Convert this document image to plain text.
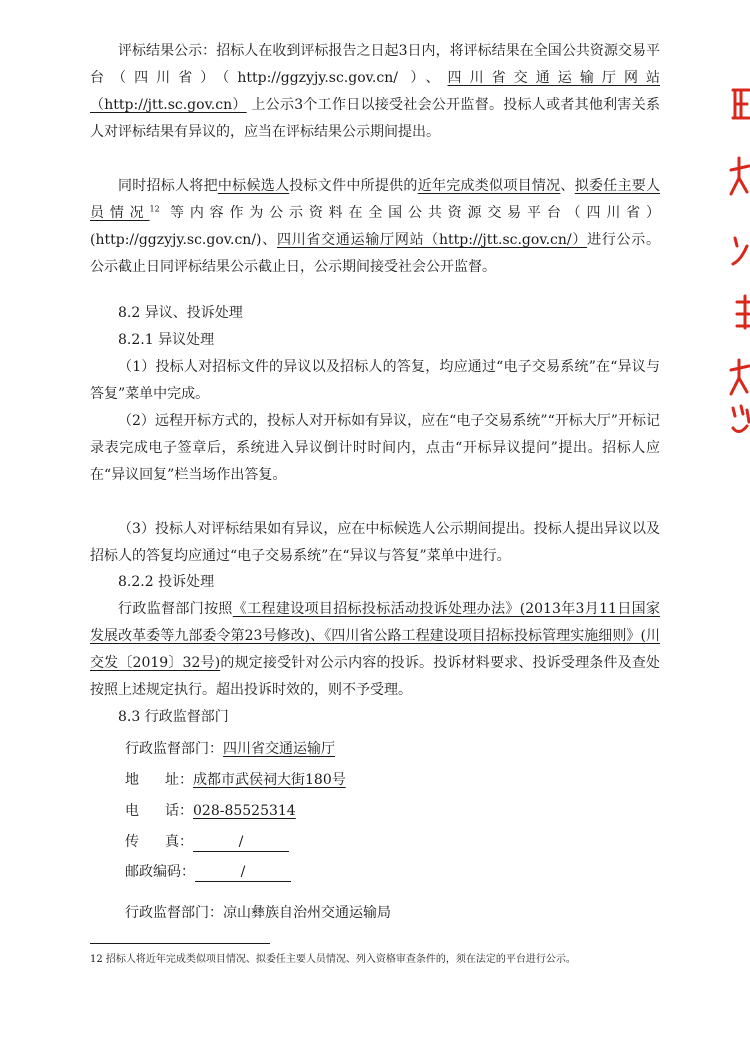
评标结果公示：招标人在收到评标报告之日起3日内，将评标结果在全国公共资源交易平台（四川省）（http://ggzyjy.sc.gov.cn/ ）、四川省交通运输厅网站（http://jtt.sc.gov.cn） 上公示3个工作日以接受社会公开监督。投标人或者其他利害关系人对评标结果有异议的，应当在评标结果公示期间提出。

同时招标人将把中标候选人投标文件中所提供的近年完成类似项目情况、拟委任主要人员情况$^{12}$ 等内容作为公示资料在全国公共资源交易平台（四川省）(http://ggzyjy.sc.gov.cn/)、四川省交通运输厅网站（http://jtt.sc.gov.cn/）进行公示。公示截止日同评标结果公示截止日，公示期间接受社会公开监督。

8.2 异议、投诉处理

8.2.1 异议处理

（1）投标人对招标文件的异议以及招标人的答复，均应通过“电子交易系统”在“异议与答复”菜单中完成。

（2）远程开标方式的，投标人对开标如有异议，应在“电子交易系统”“开标大厅”开标记录表完成电子签章后，系统进入异议倒计时时间内，点击“开标异议提问”提出。招标人应在“异议回复”栏当场作出答复。

（3）投标人对评标结果如有异议，应在中标候选人公示期间提出。投标人提出异议以及招标人的答复均应通过“电子交易系统”在“异议与答复”菜单中进行。

8.2.2 投诉处理

行政监督部门按照《工程建设项目招标投标活动投诉处理办法》(2013年3月11日国家发展改革委等九部委令第23号修改)、《四川省公路工程建设项目招标投标管理实施细则》(川交发〔2019〕32号)的规定接受针对公示内容的投诉。投诉材料要求、投诉受理条件及查处按照上述规定执行。超出投诉时效的，则不予受理。

8.3 行政监督部门

行政监督部门：四川省交通运输厅
地 址：成都市武侯祠大街180号
电 话：028-85525314
传 真：	/
邮政编码：	/
行政监督部门：凉山彝族自治州交通运输局
12 招标人将近年完成类似项目情况、拟委任主要人员情况、列入资格审查条件的，须在法定的平台进行公示。
